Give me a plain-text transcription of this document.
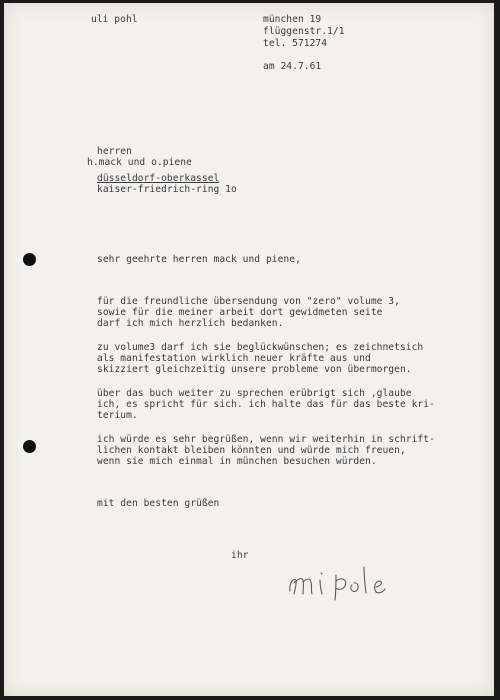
uli pohl	münchen 19
flüggenstr.1/1
tel. 571274
am 24.7.61
herren
h.mack und o.piene
düsseldorf-oberkassel
kaiser-friedrich-ring 1o
sehr geehrte herren mack und piene,
für die freundliche übersendung von "zero" volume 3,
sowie für die meiner arbeit dort gewidmeten seite
darf ich mich herzlich bedanken.
zu volume3 darf ich sie beglückwünschen; es zeichnetsich
als manifestation wirklich neuer kräfte aus und
skizziert gleichzeitig unsere probleme von übermorgen.
über das buch weiter zu sprechen erübrigt sich ,glaube
ich, es spricht für sich. ich halte das für das beste kri-
terium.
ich würde es sehr begrüßen, wenn wir weiterhin in schrift-
lichen kontakt bleiben könnten und würde mich freuen,
wenn sie mich einmal in münchen besuchen würden.
mit den besten grüßen
ihr
